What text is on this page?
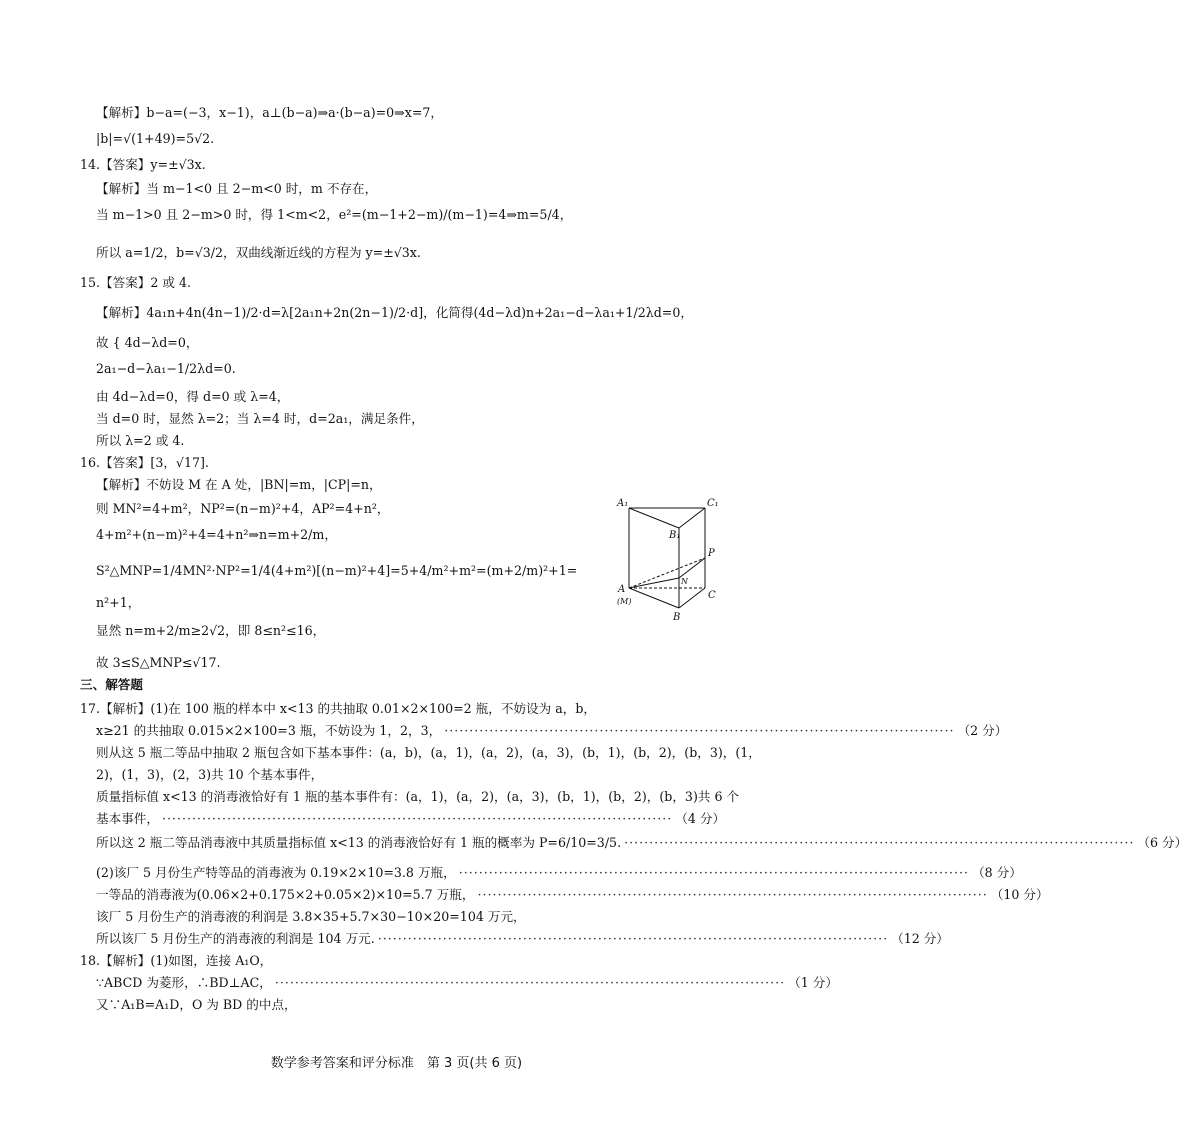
【解析】b−a=(−3，x−1)，a⊥(b−a)⇒a·(b−a)=0⇒x=7，
|b|=√(1+49)=5√2.
14.【答案】y=±√3x.
【解析】当 m−1<0 且 2−m<0 时，m 不存在，
当 m−1>0 且 2−m>0 时，得 1<m<2，e²=(m−1+2−m)/(m−1)=4⇒m=5/4，
所以 a=1/2，b=√3/2，双曲线渐近线的方程为 y=±√3x.
15.【答案】2 或 4.
【解析】4a₁n+4n(4n−1)/2·d=λ[2a₁n+2n(2n−1)/2·d]，化简得(4d−λd)n+2a₁−d−λa₁+1/2λd=0，
故 { 4d−λd=0，
2a₁−d−λa₁−1/2λd=0.
由 4d−λd=0，得 d=0 或 λ=4，
当 d=0 时，显然 λ=2；当 λ=4 时，d=2a₁，满足条件，
所以 λ=2 或 4.
16.【答案】[3，√17].
【解析】不妨设 M 在 A 处，|BN|=m，|CP|=n，
则 MN²=4+m²，NP²=(n−m)²+4，AP²=4+n²，
4+m²+(n−m)²+4=4+n²⇒n=m+2/m，
S²△MNP=1/4MN²·NP²=1/4(4+m²)[(n−m)²+4]=5+4/m²+m²=(m+2/m)²+1=
n²+1，
显然 n=m+2/m≥2√2，即 8≤n²≤16，
故 3≤S△MNP≤√17.
三、解答题
17.【解析】(1)在 100 瓶的样本中 x<13 的共抽取 0.01×2×100=2 瓶，不妨设为 a，b，
x≥21 的共抽取 0.015×2×100=3 瓶，不妨设为 1，2，3， ······································································································ （2 分）
则从这 5 瓶二等品中抽取 2 瓶包含如下基本事件：(a，b)，(a，1)，(a，2)，(a，3)，(b，1)，(b，2)，(b，3)，(1，
2)，(1，3)，(2，3)共 10 个基本事件，
质量指标值 x<13 的消毒液恰好有 1 瓶的基本事件有：(a，1)，(a，2)，(a，3)，(b，1)，(b，2)，(b，3)共 6 个
基本事件， ······································································································ （4 分）
所以这 2 瓶二等品消毒液中其质量指标值 x<13 的消毒液恰好有 1 瓶的概率为 P=6/10=3/5. ······································································································ （6 分）
(2)该厂 5 月份生产特等品的消毒液为 0.19×2×10=3.8 万瓶， ······································································································ （8 分）
一等品的消毒液为(0.06×2+0.175×2+0.05×2)×10=5.7 万瓶， ······································································································ （10 分）
该厂 5 月份生产的消毒液的利润是 3.8×35+5.7×30−10×20=104 万元，
所以该厂 5 月份生产的消毒液的利润是 104 万元. ······································································································ （12 分）
18.【解析】(1)如图，连接 A₁O，
∵ABCD 为菱形，∴BD⊥AC， ······································································································ （1 分）
又∵A₁B=A₁D，O 为 BD 的中点，
A₁	C₁
B₁
P
N
A
(M)
C
B
数学参考答案和评分标准　第 3 页(共 6 页)
